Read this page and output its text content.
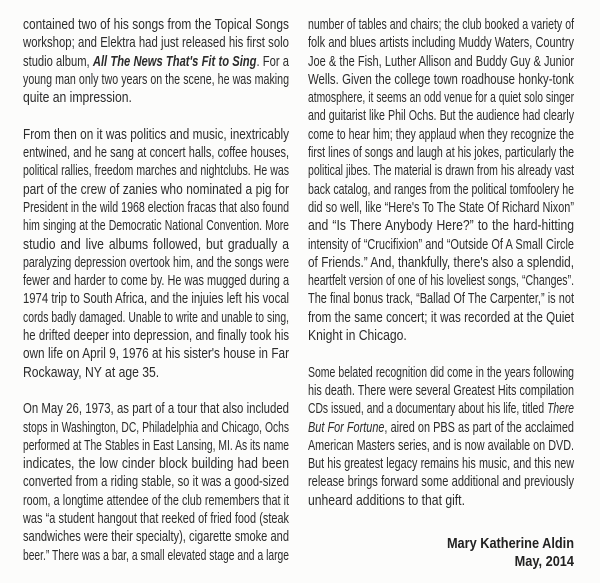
contained two of his songs from the Topical Songs
workshop; and Elektra had just released his first solo
studio album, All The News That's Fit to Sing. For a
young man only two years on the scene, he was making
quite an impression.
From then on it was politics and music, inextricably
entwined, and he sang at concert halls, coffee houses,
political rallies, freedom marches and nightclubs. He was
part of the crew of zanies who nominated a pig for
President in the wild 1968 election fracas that also found
him singing at the Democratic National Convention. More
studio and live albums followed, but gradually a
paralyzing depression overtook him, and the songs were
fewer and harder to come by. He was mugged during a
1974 trip to South Africa, and the injuies left his vocal
cords badly damaged. Unable to write and unable to sing,
he drifted deeper into depression, and finally took his
own life on April 9, 1976 at his sister's house in Far
Rockaway, NY at age 35.
On May 26, 1973, as part of a tour that also included
stops in Washington, DC, Philadelphia and Chicago, Ochs
performed at The Stables in East Lansing, MI. As its name
indicates, the low cinder block building had been
converted from a riding stable, so it was a good-sized
room, a longtime attendee of the club remembers that it
was “a student hangout that reeked of fried food (steak
sandwiches were their specialty), cigarette smoke and
beer.” There was a bar, a small elevated stage and a large
number of tables and chairs; the club booked a variety of
folk and blues artists including Muddy Waters, Country
Joe & the Fish, Luther Allison and Buddy Guy & Junior
Wells. Given the college town roadhouse honky-tonk
atmosphere, it seems an odd venue for a quiet solo singer
and guitarist like Phil Ochs. But the audience had clearly
come to hear him; they applaud when they recognize the
first lines of songs and laugh at his jokes, particularly the
political jibes. The material is drawn from his already vast
back catalog, and ranges from the political tomfoolery he
did so well, like “Here's To The State Of Richard Nixon”
and “Is There Anybody Here?” to the hard-hitting
intensity of “Crucifixion” and “Outside Of A Small Circle
of Friends.” And, thankfully, there's also a splendid,
heartfelt version of one of his loveliest songs, “Changes”.
The final bonus track, “Ballad Of The Carpenter,” is not
from the same concert; it was recorded at the Quiet
Knight in Chicago.
Some belated recognition did come in the years following
his death. There were several Greatest Hits compilation
CDs issued, and a documentary about his life, titled There
But For Fortune, aired on PBS as part of the acclaimed
American Masters series, and is now available on DVD.
But his greatest legacy remains his music, and this new
release brings forward some additional and previously
unheard additions to that gift.
Mary Katherine Aldin
May, 2014
